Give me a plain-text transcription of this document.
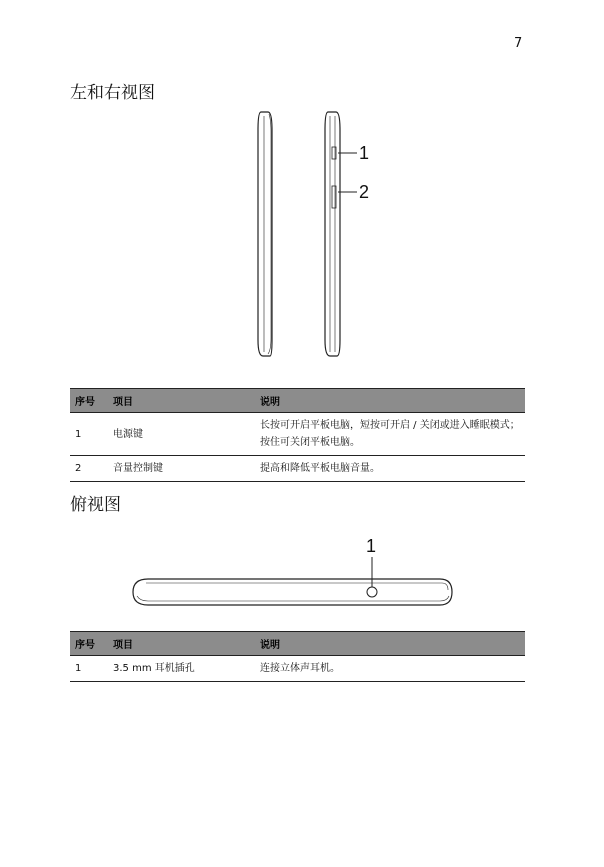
7
左和右视图
1
2
序号	项目	说明
1	电源键	长按可开启平板电脑，短按可开启 / 关闭或进入睡眠模式；按住可关闭平板电脑。
2	音量控制键	提高和降低平板电脑音量。
俯视图
1
序号	项目	说明
1	3.5 mm 耳机插孔	连接立体声耳机。
